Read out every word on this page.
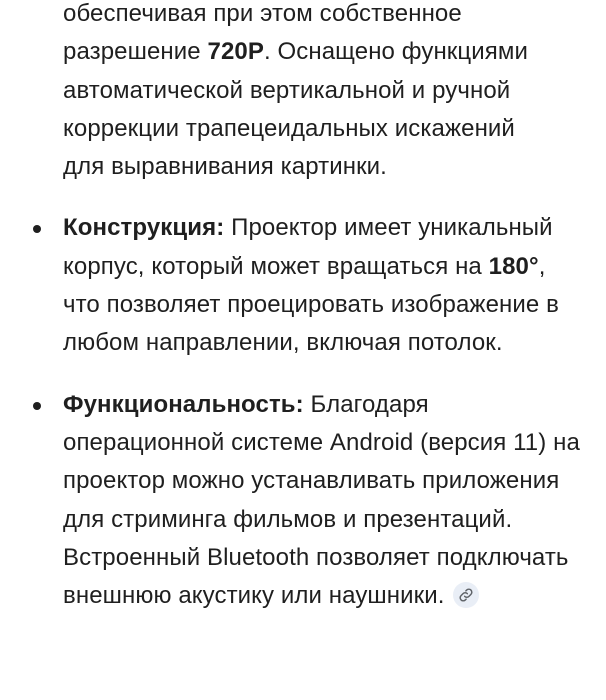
обеспечивая при этом собственное
разрешение 720P. Оснащено функциями
автоматической вертикальной и ручной
коррекции трапецеидальных искажений
для выравнивания картинки.

Конструкция: Проектор имеет уникальный корпус, который может вращаться на 180°, что позволяет проецировать изображение в любом направлении, включая потолок.
Функциональность: Благодаря операционной системе Android (версия 11) на проектор можно устанавливать приложения для стриминга фильмов и презентаций. Встроенный Bluetooth позволяет подключать внешнюю акустику или наушники.
